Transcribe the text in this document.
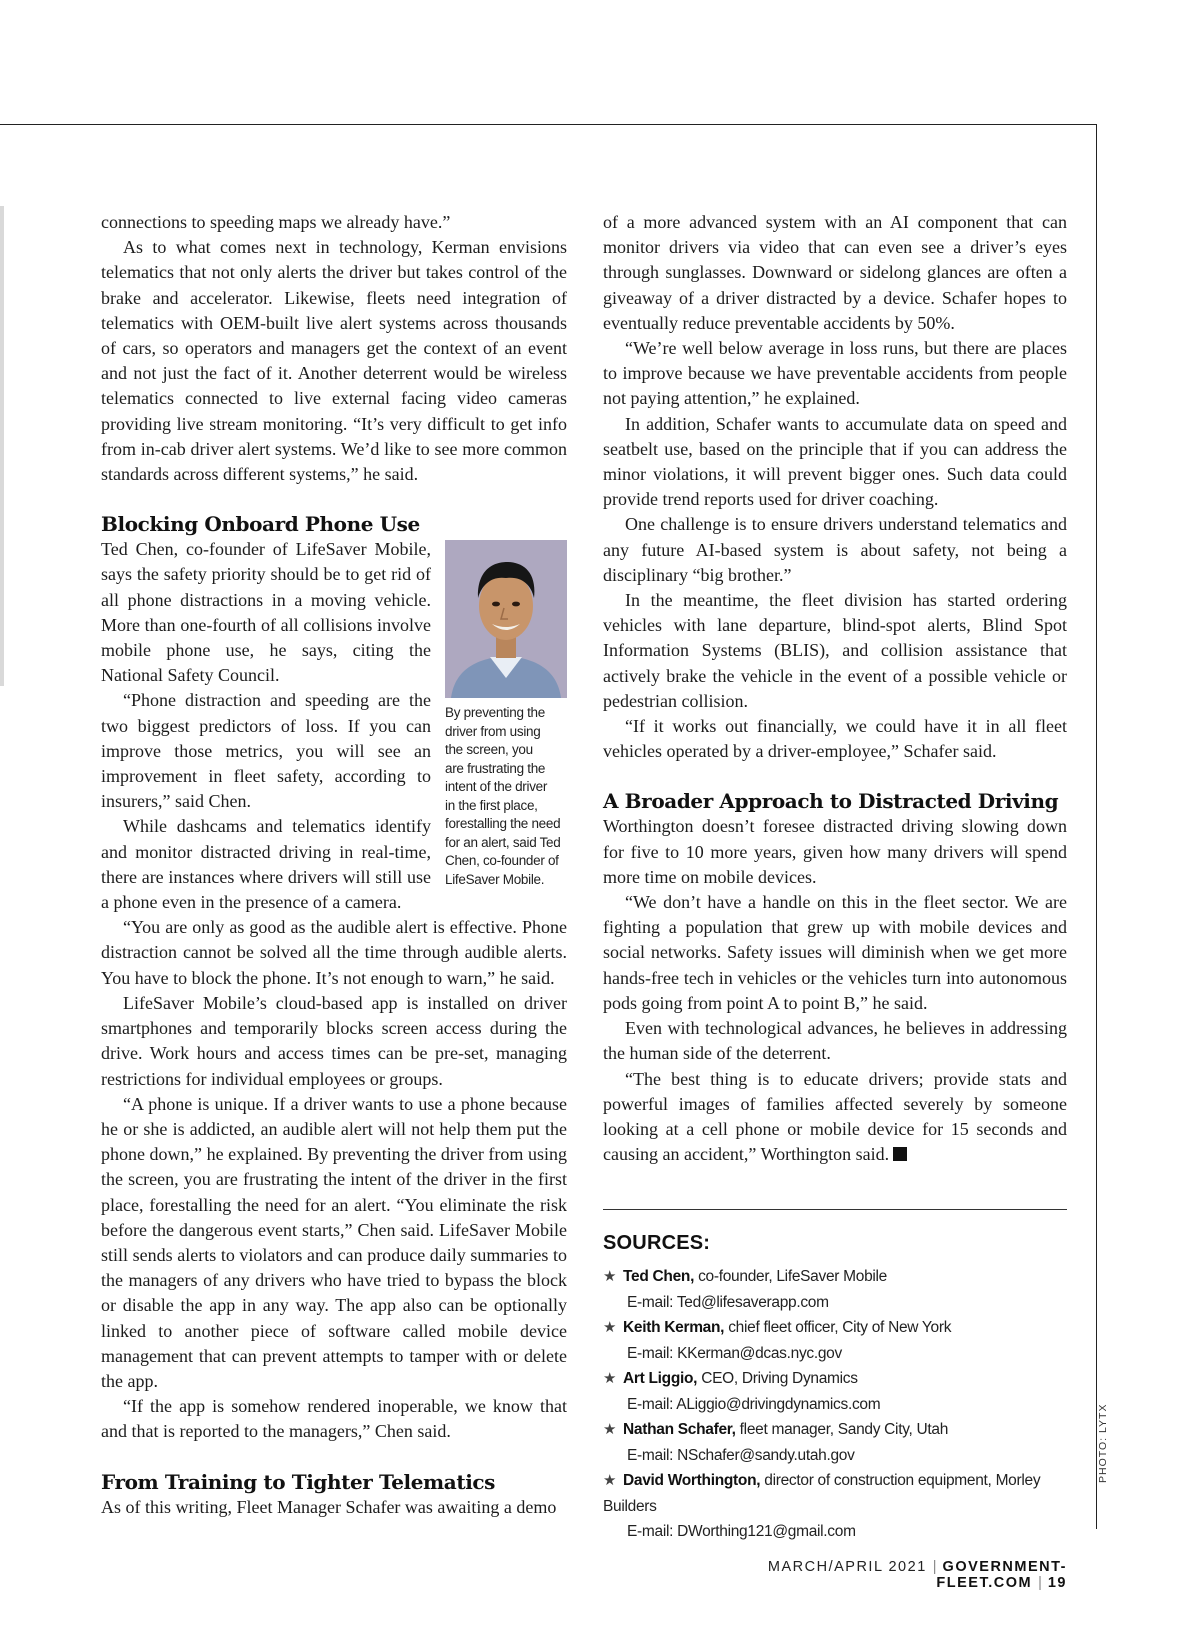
connections to speeding maps we already have.”

As to what comes next in technology, Kerman envisions telematics that not only alerts the driver but takes control of the brake and accelerator. Likewise, fleets need integration of telematics with OEM-built live alert systems across thousands of cars, so operators and managers get the context of an event and not just the fact of it. Another deterrent would be wireless telematics connected to live external facing video cameras providing live stream monitoring. “It’s very difficult to get info from in-cab driver alert systems. We’d like to see more common standards across different systems,” he said.

Blocking Onboard Phone Use
By preventing the
driver from using
the screen, you
are frustrating the
intent of the driver
in the first place,
forestalling the need
for an alert, said Ted
Chen, co-founder of
LifeSaver Mobile.

Ted Chen, co-founder of LifeSaver Mobile, says the safety priority should be to get rid of all phone distractions in a moving vehicle. More than one-fourth of all collisions involve mobile phone use, he says, citing the National Safety Council.

“Phone distraction and speeding are the two biggest predictors of loss. If you can improve those metrics, you will see an improvement in fleet safety, according to insurers,” said Chen.

While dashcams and telematics identify and monitor distracted driving in real-time, there are instances where drivers will still use a phone even in the presence of a camera.

“You are only as good as the audible alert is effective. Phone distraction cannot be solved all the time through audible alerts. You have to block the phone. It’s not enough to warn,” he said.

LifeSaver Mobile’s cloud-based app is installed on driver smartphones and temporarily blocks screen access during the drive. Work hours and access times can be pre-set, managing restrictions for individual employees or groups.

“A phone is unique. If a driver wants to use a phone because he or she is addicted, an audible alert will not help them put the phone down,” he explained. By preventing the driver from using the screen, you are frustrating the intent of the driver in the first place, forestalling the need for an alert. “You eliminate the risk before the dangerous event starts,” Chen said. LifeSaver Mobile still sends alerts to violators and can produce daily summaries to the managers of any drivers who have tried to bypass the block or disable the app in any way. The app also can be optionally linked to another piece of software called mobile device management that can prevent attempts to tamper with or delete the app.

“If the app is somehow rendered inoperable, we know that and that is reported to the managers,” Chen said.

From Training to Tighter Telematics

As of this writing, Fleet Manager Schafer was awaiting a demo

of a more advanced system with an AI component that can monitor drivers via video that can even see a driver’s eyes through sunglasses. Downward or sidelong glances are often a giveaway of a driver distracted by a device. Schafer hopes to eventually reduce preventable accidents by 50%.

“We’re well below average in loss runs, but there are places to improve because we have preventable accidents from people not paying attention,” he explained.

In addition, Schafer wants to accumulate data on speed and seatbelt use, based on the principle that if you can address the minor violations, it will prevent bigger ones. Such data could provide trend reports used for driver coaching.

One challenge is to ensure drivers understand telematics and any future AI-based system is about safety, not being a disciplinary “big brother.”

In the meantime, the fleet division has started ordering vehicles with lane departure, blind-spot alerts, Blind Spot Information Systems (BLIS), and collision assistance that actively brake the vehicle in the event of a possible vehicle or pedestrian collision.

“If it works out financially, we could have it in all fleet vehicles operated by a driver-employee,” Schafer said.

A Broader Approach to Distracted Driving

Worthington doesn’t foresee distracted driving slowing down for five to 10 more years, given how many drivers will spend more time on mobile devices.

“We don’t have a handle on this in the fleet sector. We are fighting a population that grew up with mobile devices and social networks. Safety issues will diminish when we get more hands-free tech in vehicles or the vehicles turn into autonomous pods going from point A to point B,” he said.

Even with technological advances, he believes in addressing the human side of the deterrent.

“The best thing is to educate drivers; provide stats and powerful images of families affected severely by someone looking at a cell phone or mobile device for 15 seconds and causing an accident,” Worthington said.

SOURCES:
★ Ted Chen, co-founder, LifeSaver Mobile
E-mail: Ted@lifesaverapp.com
★ Keith Kerman, chief fleet officer, City of New York
E-mail: KKerman@dcas.nyc.gov
★ Art Liggio, CEO, Driving Dynamics
E-mail: ALiggio@drivingdynamics.com
★ Nathan Schafer, fleet manager, Sandy City, Utah
E-mail: NSchafer@sandy.utah.gov
★ David Worthington, director of construction equipment, Morley Builders
E-mail: DWorthing121@gmail.com
MARCH/APRIL 2021 | GOVERNMENT-FLEET.COM | 19
PHOTO: LYTX
